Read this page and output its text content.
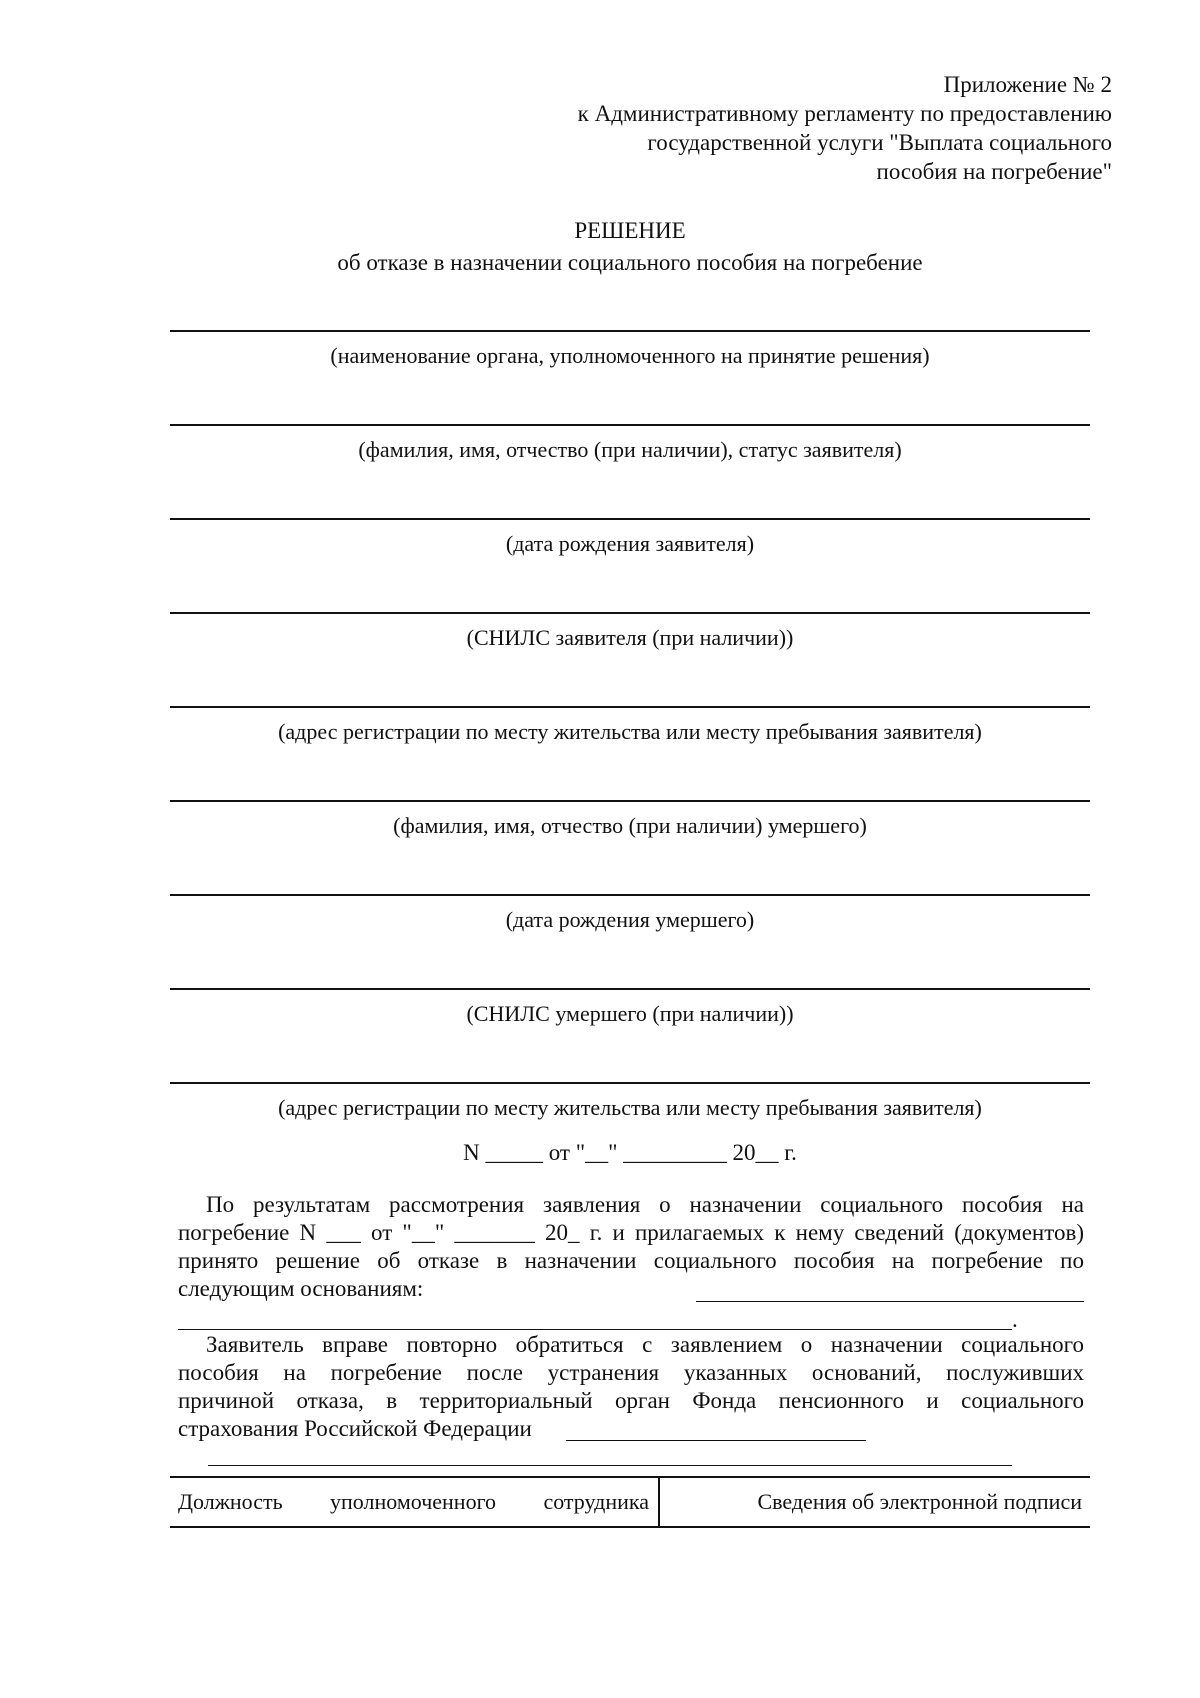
Приложение № 2
к Административному регламенту по предоставлению
государственной услуги "Выплата социального
пособия на погребение"
РЕШЕНИЕ
об отказе в назначении социального пособия на погребение
(наименование органа, уполномоченного на принятие решения)
(фамилия, имя, отчество (при наличии), статус заявителя)
(дата рождения заявителя)
(СНИЛС заявителя (при наличии))
(адрес регистрации по месту жительства или месту пребывания заявителя)
(фамилия, имя, отчество (при наличии) умершего)
(дата рождения умершего)
(СНИЛС умершего (при наличии))
(адрес регистрации по месту жительства или месту пребывания заявителя)
N _____ от "__" _________ 20__ г.
По результатам рассмотрения заявления о назначении социального пособия на
погребение N ___ от "__" _______ 20_ г. и прилагаемых к нему сведений (документов)
принято решение об отказе в назначении социального пособия на погребение по
следующим основаниям:
.
Заявитель вправе повторно обратиться с заявлением о назначении социального
пособия на погребение после устранения указанных оснований, послуживших
причиной отказа, в территориальный орган Фонда пенсионного и социального
страхования Российской Федерации
Должность уполномоченного сотрудника	Сведения об электронной подписи
